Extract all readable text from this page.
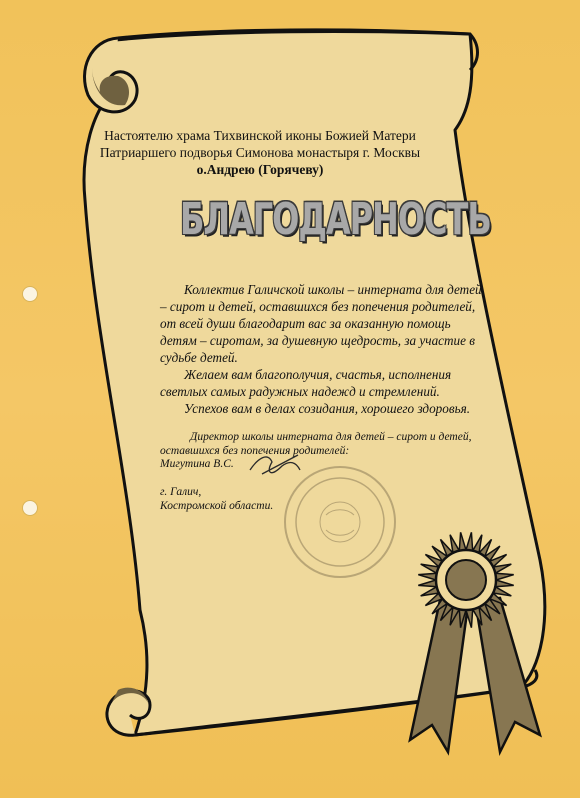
Настоятелю храма Тихвинской иконы Божией Матери
Патриаршего подворья Симонова монастыря г. Москвы
о.Андрею (Горячеву)
БЛАГОДАРНОСТЬ

Коллектив Галичской школы – интерната для детей – сирот и детей, оставшихся без попечения родителей, от всей души благодарит вас за оказанную помощь детям – сиротам, за душевную щедрость, за участие в судьбе детей.

Желаем вам благополучия, счастья, исполнения светлых самых радужных надежд и стремлений.

Успехов вам в делах созидания, хорошего здоровья.

Директор школы интерната для детей – сирот и детей,
оставшихся без попечения родителей:
Мигутина В.С.
г. Галич,
Костромской области.
